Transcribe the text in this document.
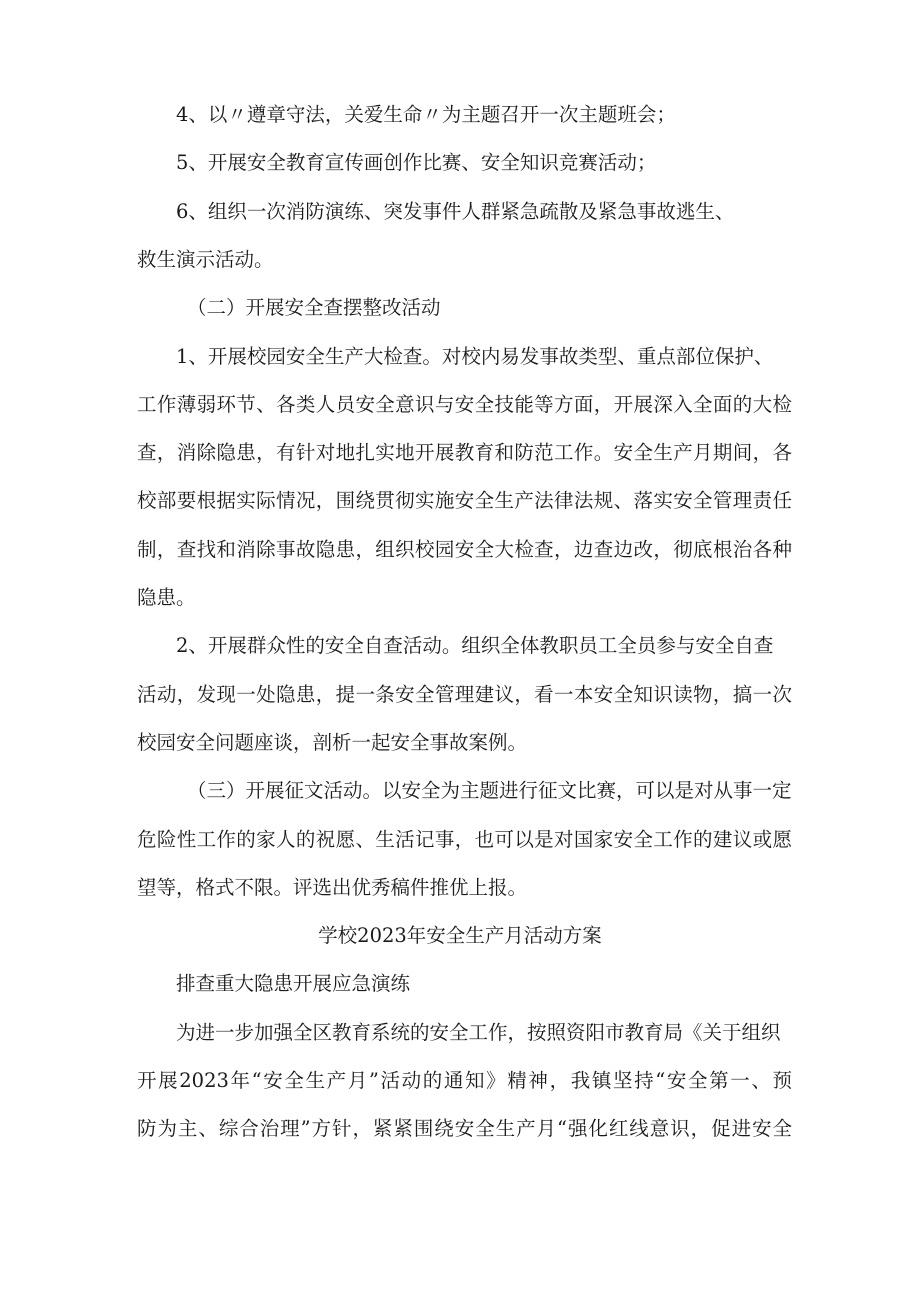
4、以〃遵章守法，关爱生命〃为主题召开一次主题班会；

5、开展安全教育宣传画创作比赛、安全知识竞赛活动；

6、组织一次消防演练、突发事件人群紧急疏散及紧急事故逃生、

救生演示活动。

（二）开展安全查摆整改活动

1、开展校园安全生产大检查。对校内易发事故类型、重点部位保护、

工作薄弱环节、各类人员安全意识与安全技能等方面，开展深入全面的大检

查，消除隐患，有针对地扎实地开展教育和防范工作。安全生产月期间，各

校部要根据实际情况，围绕贯彻实施安全生产法律法规、落实安全管理责任

制，查找和消除事故隐患，组织校园安全大检查，边查边改，彻底根治各种

隐患。

2、开展群众性的安全自查活动。组织全体教职员工全员参与安全自查

活动，发现一处隐患，提一条安全管理建议，看一本安全知识读物，搞一次

校园安全问题座谈，剖析一起安全事故案例。

（三）开展征文活动。以安全为主题进行征文比赛，可以是对从事一定

危险性工作的家人的祝愿、生活记事，也可以是对国家安全工作的建议或愿

望等，格式不限。评选出优秀稿件推优上报。

学校2023年安全生产月活动方案

排查重大隐患开展应急演练

为进一步加强全区教育系统的安全工作，按照资阳市教育局《关于组织

开展2023年“安全生产月”活动的通知》精神，我镇坚持“安全第一、预

防为主、综合治理”方针，紧紧围绕安全生产月“强化红线意识，促进安全
